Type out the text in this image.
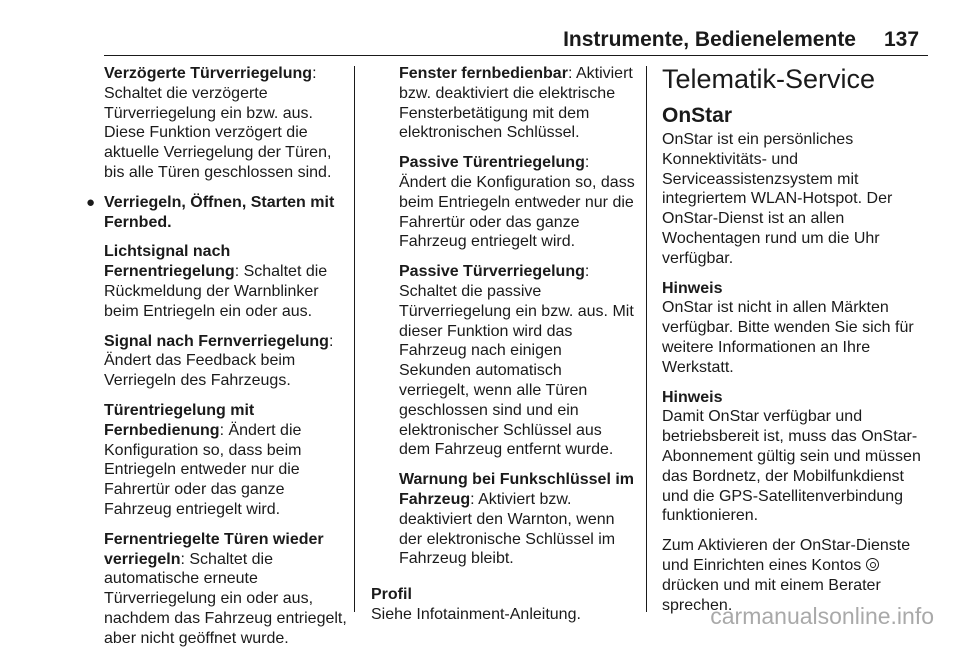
Instrumente, Bedienelemente 137

Verzögerte Türverriegelung: Schaltet die verzögerte Türverriegelung ein bzw. aus. Diese Funktion verzögert die aktuelle Verriegelung der Türen, bis alle Türen geschlossen sind.

● Verriegeln, Öffnen, Starten mit Fernbed.

Lichtsignal nach Fernentriegelung: Schaltet die Rückmeldung der Warnblinker beim Entriegeln ein oder aus.

Signal nach Fernverriegelung: Ändert das Feedback beim Verriegeln des Fahrzeugs.

Türentriegelung mit Fernbedienung: Ändert die Konfiguration so, dass beim Entriegeln entweder nur die Fahrertür oder das ganze Fahrzeug entriegelt wird.

Fernentriegelte Türen wieder verriegeln: Schaltet die automatische erneute Türverriegelung ein oder aus, nachdem das Fahrzeug entriegelt, aber nicht geöffnet wurde.

Fenster fernbedienbar: Aktiviert bzw. deaktiviert die elektrische Fensterbetätigung mit dem elektronischen Schlüssel.

Passive Türentriegelung: Ändert die Konfiguration so, dass beim Entriegeln entweder nur die Fahrertür oder das ganze Fahrzeug entriegelt wird.

Passive Türverriegelung: Schaltet die passive Türverriegelung ein bzw. aus. Mit dieser Funktion wird das Fahrzeug nach einigen Sekunden automatisch verriegelt, wenn alle Türen geschlossen sind und ein elektronischer Schlüssel aus dem Fahrzeug entfernt wurde.

Warnung bei Funkschlüssel im Fahrzeug: Aktiviert bzw. deaktiviert den Warnton, wenn der elektronische Schlüssel im Fahrzeug bleibt.

Profil
Siehe Infotainment-Anleitung.

Telematik-Service
OnStar

OnStar ist ein persönliches Konnektivitäts- und Serviceassistenzsystem mit integriertem WLAN-Hotspot. Der OnStar-Dienst ist an allen Wochentagen rund um die Uhr verfügbar.

Hinweis
OnStar ist nicht in allen Märkten verfügbar. Bitte wenden Sie sich für weitere Informationen an Ihre Werkstatt.

Hinweis
Damit OnStar verfügbar und betriebsbereit ist, muss das OnStar-Abonnement gültig sein und müssen das Bordnetz, der Mobilfunkdienst und die GPS-Satellitenverbindung funktionieren.

Zum Aktivieren der OnStar-Dienste und Einrichten eines Kontos  drücken und mit einem Berater sprechen.

carmanualsonline.info
